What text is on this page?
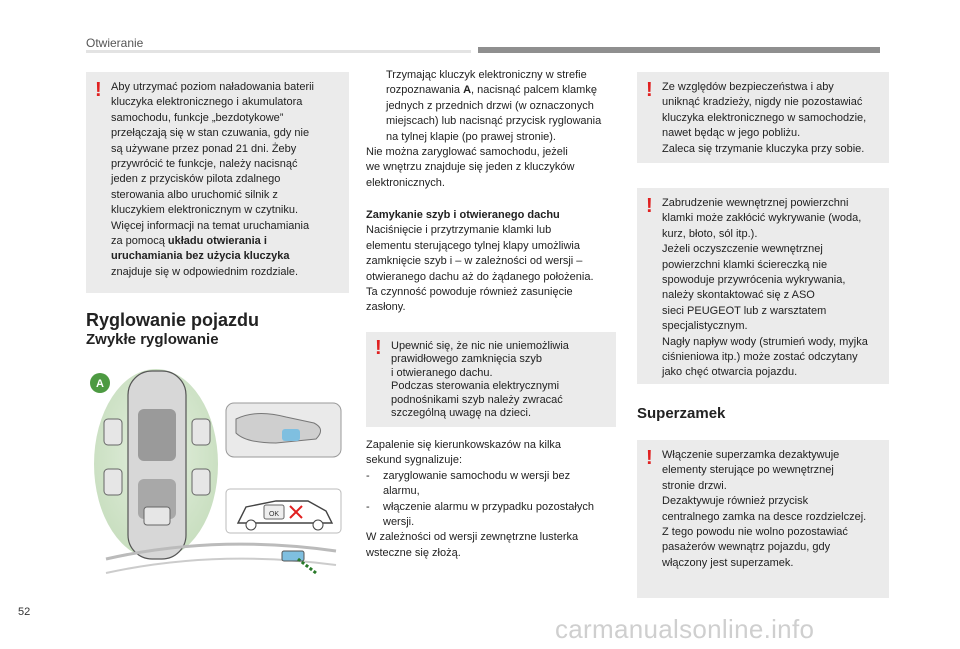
Otwieranie
! Aby utrzymać poziom naładowania baterii

kluczyka elektronicznego i akumulatora

samochodu, funkcje „bezdotykowe”

przełączają się w stan czuwania, gdy nie

są używane przez ponad 21 dni. Żeby

przywrócić te funkcje, należy nacisnąć

jeden z przycisków pilota zdalnego

sterowania albo uruchomić silnik z

kluczykiem elektronicznym w czytniku.

Więcej informacji na temat uruchamiania

za pomocą układu otwierania i

uruchamiania bez użycia kluczyka

znajduje się w odpowiednim rozdziale.

Ryglowanie pojazdu
Zwykłe ryglowanie
A
OK

Trzymając kluczyk elektroniczny w strefie

rozpoznawania A, nacisnąć palcem klamkę

jednych z przednich drzwi (w oznaczonych

miejscach) lub nacisnąć przycisk ryglowania

na tylnej klapie (po prawej stronie).

Nie można zaryglować samochodu, jeżeli

we wnętrzu znajduje się jeden z kluczyków

elektronicznych.

Zamykanie szyb i otwieranego dachu

Naciśnięcie i przytrzymanie klamki lub

elementu sterującego tylnej klapy umożliwia

zamknięcie szyb i – w zależności od wersji –

otwieranego dachu aż do żądanego położenia.

Ta czynność powoduje również zasunięcie

zasłony.

! Upewnić się, że nic nie uniemożliwia

prawidłowego zamknięcia szyb

i otwieranego dachu.

Podczas sterowania elektrycznymi

podnośnikami szyb należy zwracać

szczególną uwagę na dzieci.

Zapalenie się kierunkowskazów na kilka

sekund sygnalizuje:

-	zaryglowanie samochodu w wersji bez

alarmu,

-	włączenie alarmu w przypadku pozostałych

wersji.

W zależności od wersji zewnętrzne lusterka

wsteczne się złożą.

! Ze względów bezpieczeństwa i aby

uniknąć kradzieży, nigdy nie pozostawiać

kluczyka elektronicznego w samochodzie,

nawet będąc w jego pobliżu.

Zaleca się trzymanie kluczyka przy sobie.

! Zabrudzenie wewnętrznej powierzchni

klamki może zakłócić wykrywanie (woda,

kurz, błoto, sól itp.).

Jeżeli oczyszczenie wewnętrznej

powierzchni klamki ściereczką nie

spowoduje przywrócenia wykrywania,

należy skontaktować się z ASO

sieci PEUGEOT lub z warsztatem

specjalistycznym.

Nagły napływ wody (strumień wody, myjka

ciśnieniowa itp.) może zostać odczytany

jako chęć otwarcia pojazdu.

Superzamek
! Włączenie superzamka dezaktywuje

elementy sterujące po wewnętrznej

stronie drzwi.

Dezaktywuje również przycisk

centralnego zamka na desce rozdzielczej.

Z tego powodu nie wolno pozostawiać

pasażerów wewnątrz pojazdu, gdy

włączony jest superzamek.

52
carmanualsonline.info
